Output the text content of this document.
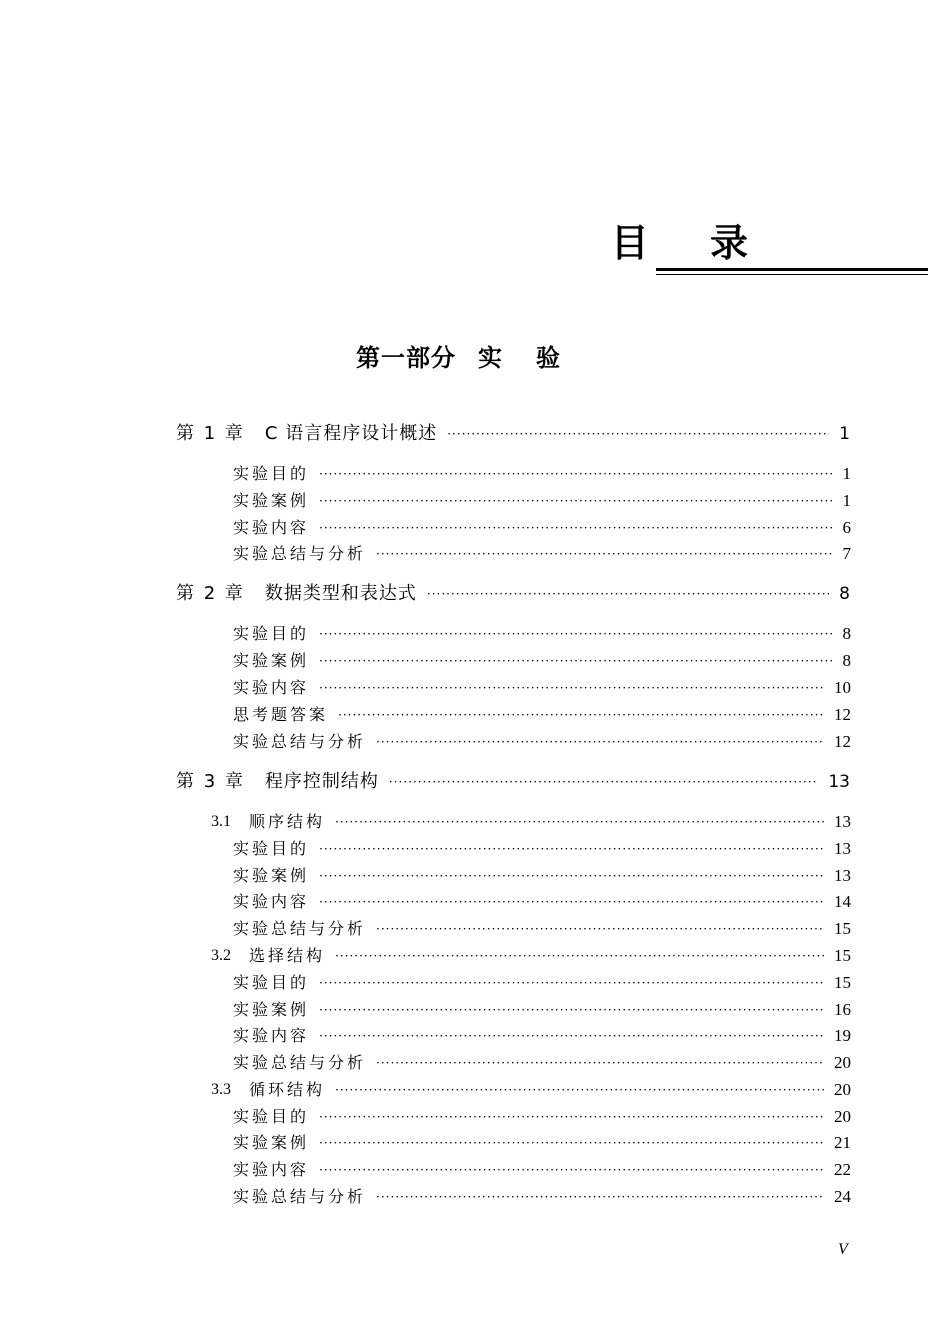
目 录
第一部分 实验
第 1 章 C 语言程序设计概述 ·····	1
实验目的 ·····	1
实验案例 ·····	1
实验内容 ·····	6
实验总结与分析 ·····	7
第 2 章 数据类型和表达式 ·····	8
实验目的 ·····	8
实验案例 ·····	8
实验内容 ·····	10
思考题答案 ·····	12
实验总结与分析 ·····	12
第 3 章 程序控制结构 ·····	13
3.1 顺序结构 ·····	13
实验目的 ·····	13
实验案例 ·····	13
实验内容 ·····	14
实验总结与分析 ·····	15
3.2 选择结构 ·····	15
实验目的 ·····	15
实验案例 ·····	16
实验内容 ·····	19
实验总结与分析 ·····	20
3.3 循环结构 ·····	20
实验目的 ·····	20
实验案例 ·····	21
实验内容 ·····	22
实验总结与分析 ·····	24
V
